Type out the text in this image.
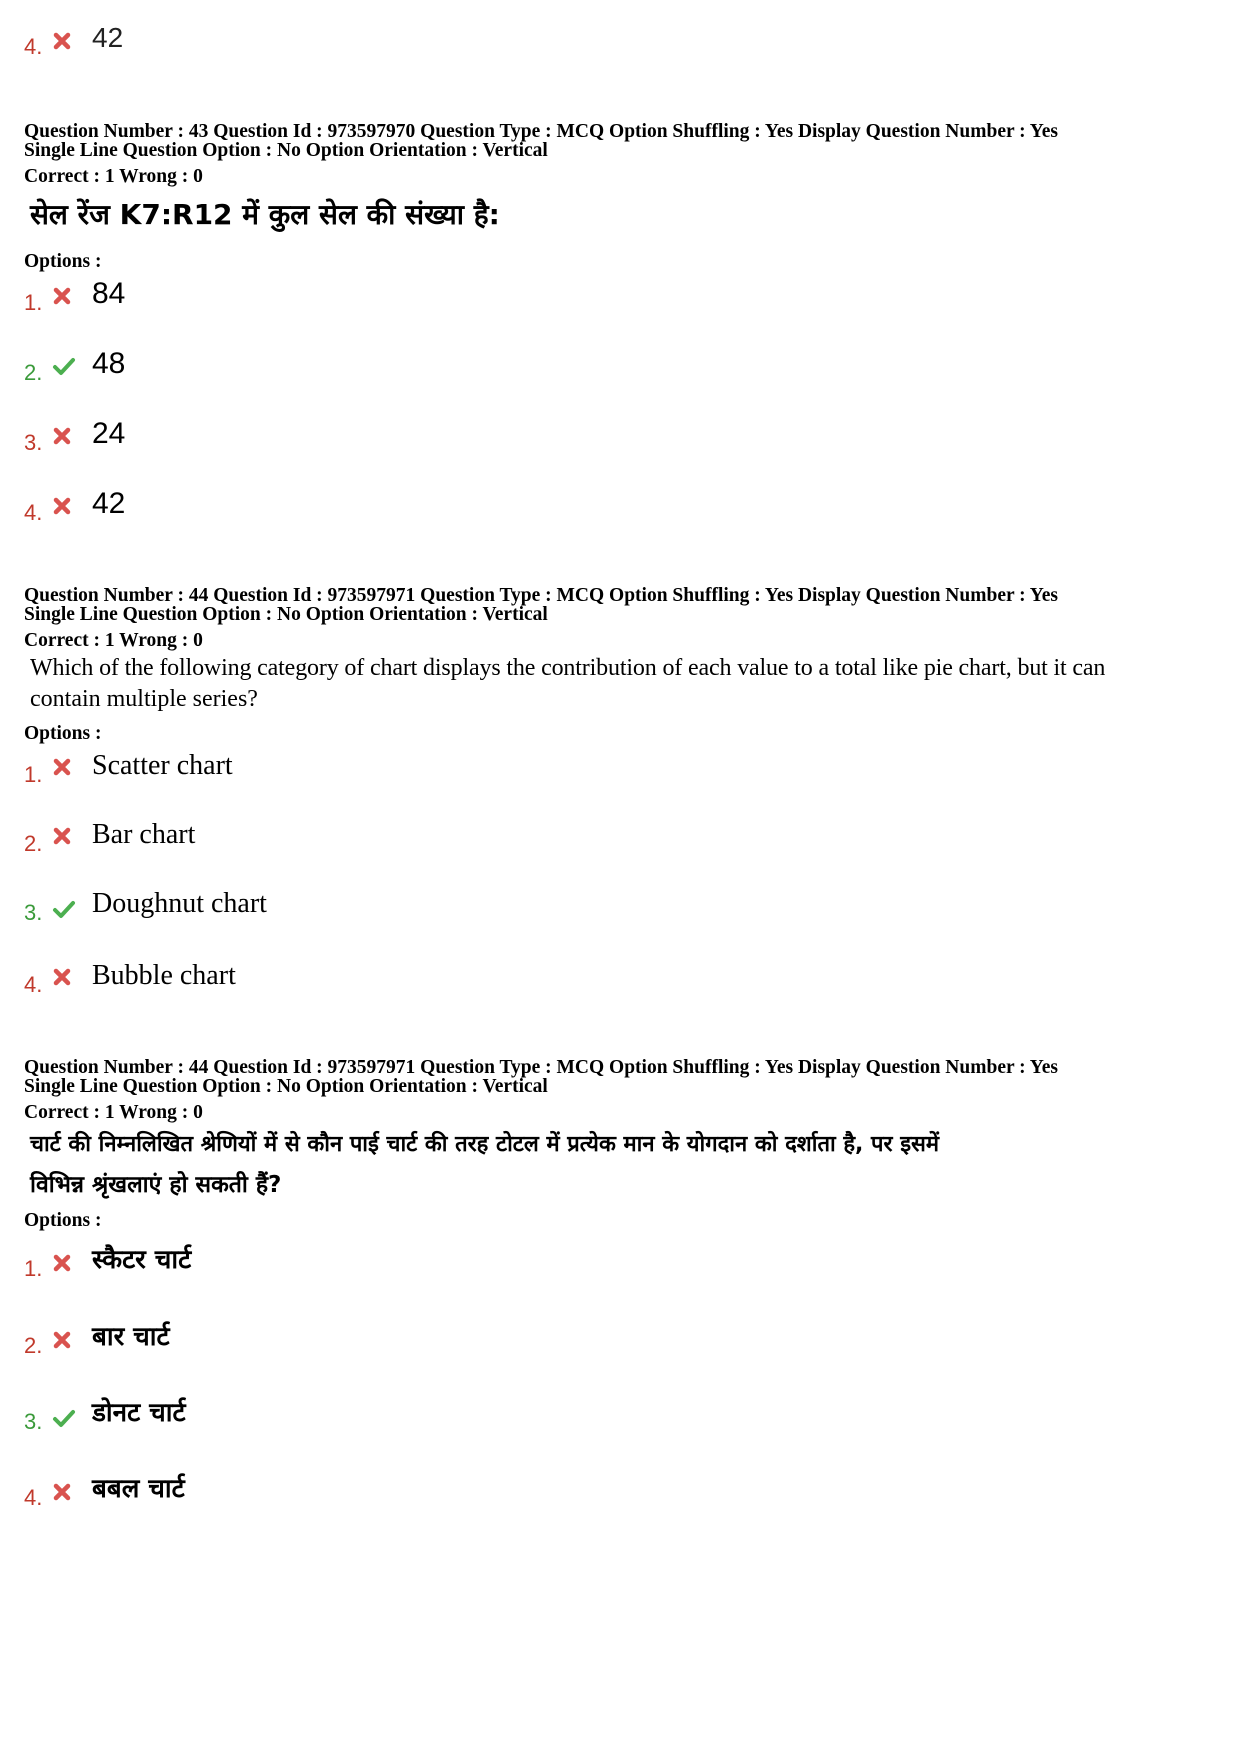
4. 42
Question Number : 43 Question Id : 973597970 Question Type : MCQ Option Shuffling : Yes Display Question Number : Yes
Single Line Question Option : No Option Orientation : Vertical
Correct : 1 Wrong : 0
सेल रेंज K7:R12 में कुल सेल की संख्या है:
Options :
1. 84
2. 48
3. 24
4. 42
Question Number : 44 Question Id : 973597971 Question Type : MCQ Option Shuffling : Yes Display Question Number : Yes
Single Line Question Option : No Option Orientation : Vertical
Correct : 1 Wrong : 0
Which of the following category of chart displays the contribution of each value to a total like pie chart, but it can
contain multiple series?
Options :
1. Scatter chart
2. Bar chart
3. Doughnut chart
4. Bubble chart
Question Number : 44 Question Id : 973597971 Question Type : MCQ Option Shuffling : Yes Display Question Number : Yes
Single Line Question Option : No Option Orientation : Vertical
Correct : 1 Wrong : 0
चार्ट की निम्नलिखित श्रेणियों में से कौन पाई चार्ट की तरह टोटल में प्रत्येक मान के योगदान को दर्शाता है, पर इसमें
विभिन्न श्रृंखलाएं हो सकती हैं?
Options :
1. स्कैटर चार्ट
2. बार चार्ट
3. डोनट चार्ट
4. बबल चार्ट
